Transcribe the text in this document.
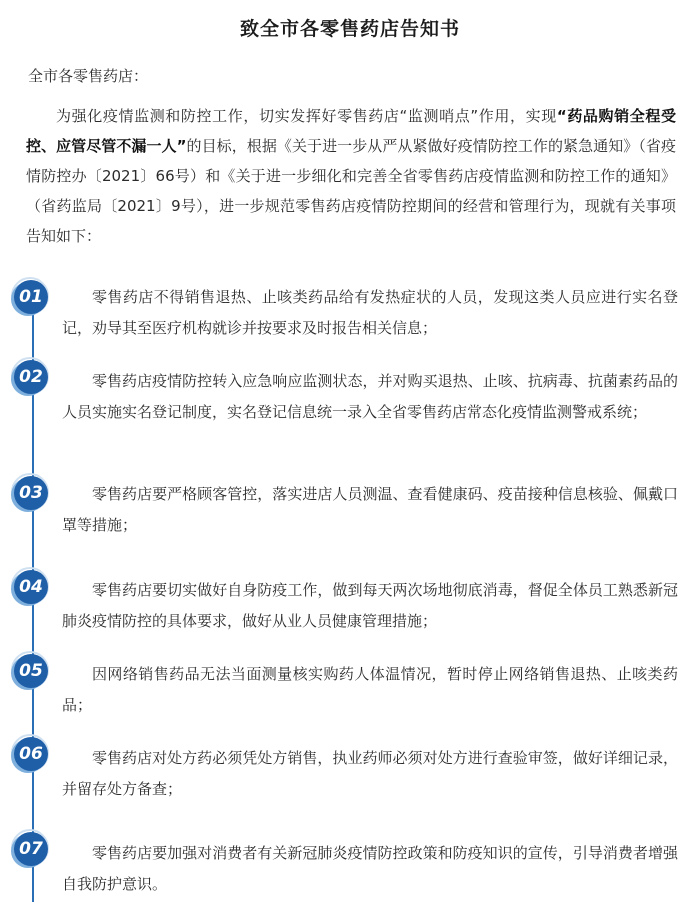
致全市各零售药店告知书
全市各零售药店：
为强化疫情监测和防控工作，切实发挥好零售药店“监测哨点”作用，实现“药品购销全程受控、应管尽管不漏一人”的目标，根据《关于进一步从严从紧做好疫情防控工作的紧急通知》（省疫情防控办〔2021〕66号）和《关于进一步细化和完善全省零售药店疫情监测和防控工作的通知》（省药监局〔2021〕9号），进一步规范零售药店疫情防控期间的经营和管理行为，现就有关事项告知如下：
01	零售药店不得销售退热、止咳类药品给有发热症状的人员，发现这类人员应进行实名登记，劝导其至医疗机构就诊并按要求及时报告相关信息；
02	零售药店疫情防控转入应急响应监测状态，并对购买退热、止咳、抗病毒、抗菌素药品的人员实施实名登记制度，实名登记信息统一录入全省零售药店常态化疫情监测警戒系统；
03	零售药店要严格顾客管控，落实进店人员测温、查看健康码、疫苗接种信息核验、佩戴口罩等措施；
04	零售药店要切实做好自身防疫工作，做到每天两次场地彻底消毒，督促全体员工熟悉新冠肺炎疫情防控的具体要求，做好从业人员健康管理措施；
05	因网络销售药品无法当面测量核实购药人体温情况，暂时停止网络销售退热、止咳类药品；
06	零售药店对处方药必须凭处方销售，执业药师必须对处方进行查验审签，做好详细记录，并留存处方备查；
07	零售药店要加强对消费者有关新冠肺炎疫情防控政策和防疫知识的宣传，引导消费者增强自我防护意识。
